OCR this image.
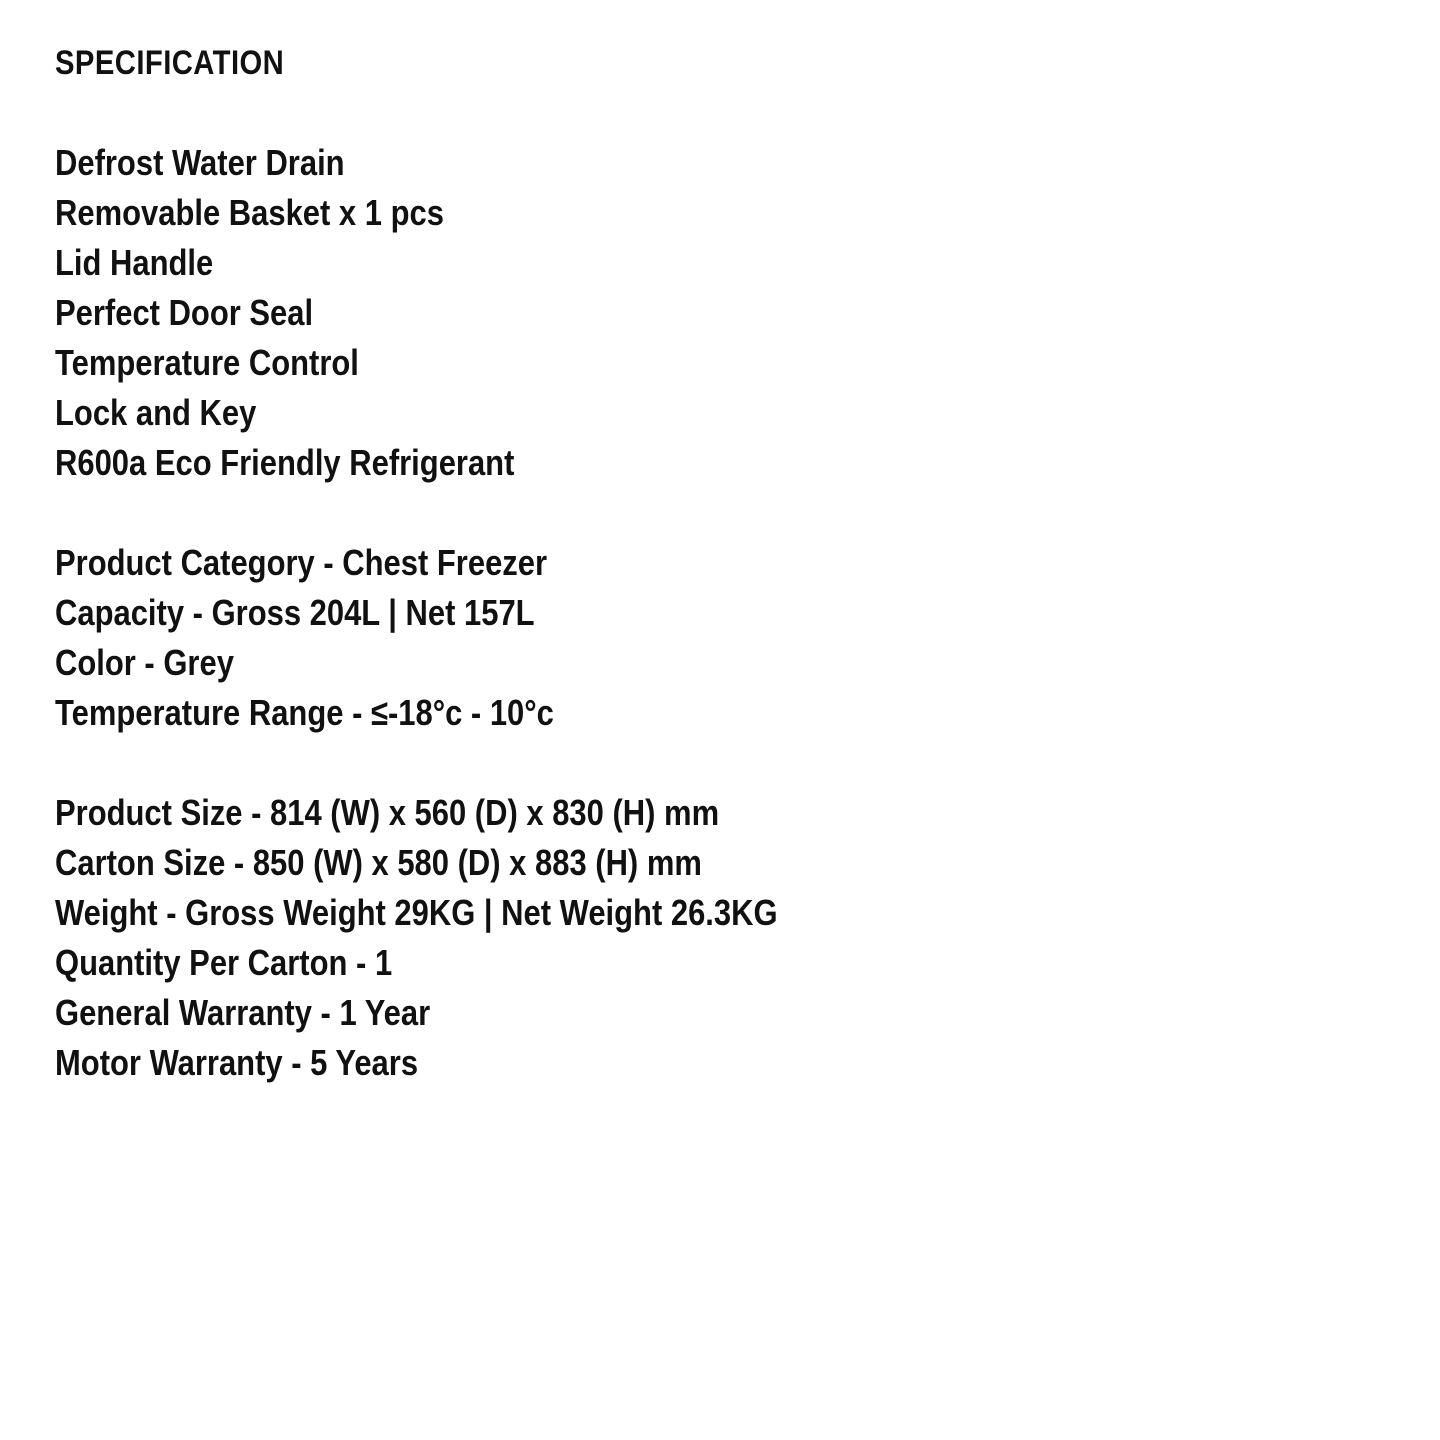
SPECIFICATION
Defrost Water Drain
Removable Basket x 1 pcs
Lid Handle
Perfect Door Seal
Temperature Control
Lock and Key
R600a Eco Friendly Refrigerant
Product Category - Chest Freezer
Capacity - Gross 204L | Net 157L
Color - Grey
Temperature Range - ≤-18°c - 10°c
Product Size - 814 (W) x 560 (D) x 830 (H) mm
Carton Size - 850 (W) x 580 (D) x 883 (H) mm
Weight - Gross Weight 29KG | Net Weight 26.3KG
Quantity Per Carton - 1
General Warranty - 1 Year
Motor Warranty - 5 Years
